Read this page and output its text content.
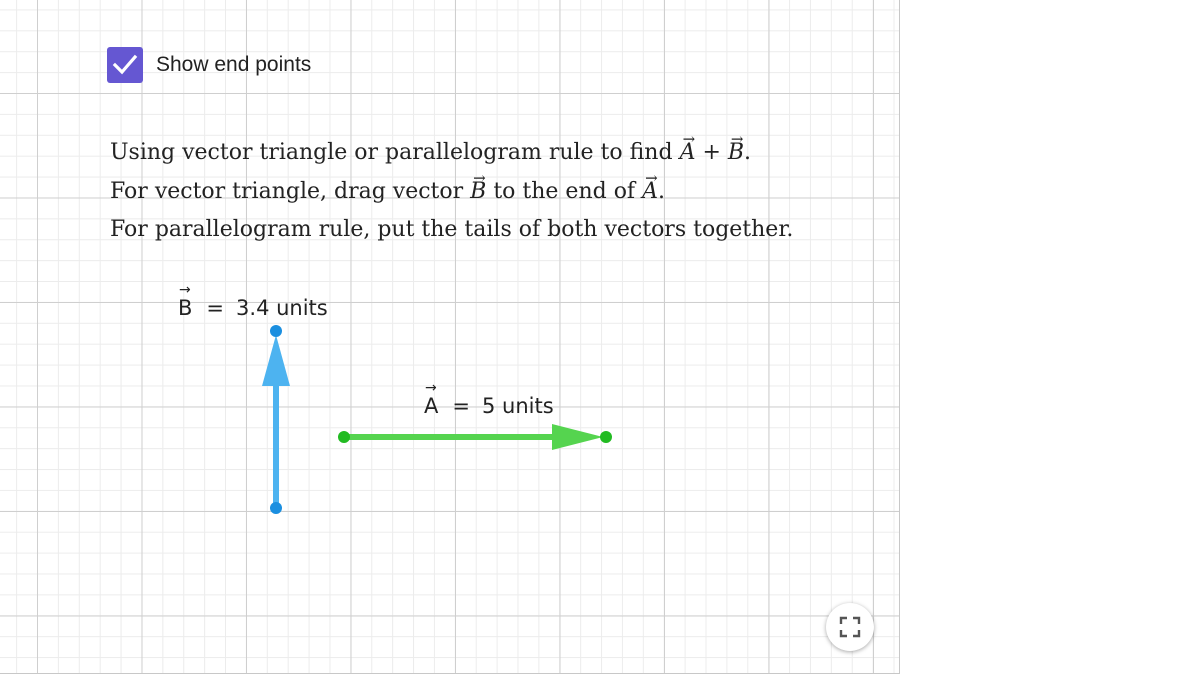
Show end points
Using vector triangle or parallelogram rule to find → A + → B.
For vector triangle, drag vector → B to the end of → A.
For parallelogram rule, put the tails of both vectors together.
→ B = 3.4 units
→ A = 5 units
